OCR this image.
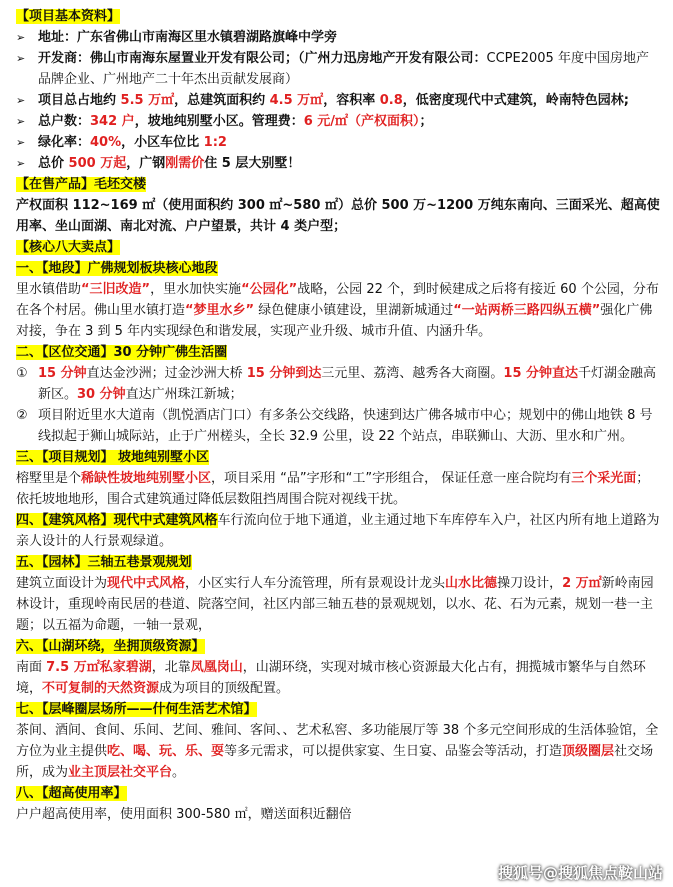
【项目基本资料】
➢ 地址：广东省佛山市南海区里水镇碧湖路旗峰中学旁
➢ 开发商：佛山市南海东屋置业开发有限公司；（广州力迅房地产开发有限公司：CCPE2005 年度中国房地产品牌企业、广州地产二十年杰出贡献发展商）
➢ 项目总占地约 5.5 万㎡，总建筑面积约 4.5 万㎡，容积率 0.8，低密度现代中式建筑，岭南特色园林;
➢ 总户数：342 户，坡地纯别墅小区。管理费：6 元/㎡（产权面积）；
➢ 绿化率：40%，小区车位比 1:2
➢ 总价 500 万起，广钢刚需价住 5 层大别墅！
【在售产品】毛坯交楼
产权面积 112~169 ㎡（使用面积约 300 ㎡~580 ㎡）总价 500 万~1200 万纯东南向、三面采光、超高使用率、坐山面湖、南北对流、户户望景，共计 4 类户型；
【核心八大卖点】
一、【地段】广佛规划板块核心地段
里水镇借助“三旧改造”，里水加快实施“公园化”战略，公园 22 个，到时候建成之后将有接近 60 个公园，分布在各个村居。佛山里水镇打造“梦里水乡” 绿色健康小镇建设，里湖新城通过“一站两桥三路四纵五横”强化广佛对接，争在 3 到 5 年内实现绿色和谐发展，实现产业升级、城市升值、内涵升华。
二、【区位交通】30 分钟广佛生活圈
① 15 分钟直达金沙洲；过金沙洲大桥 15 分钟到达三元里、荔湾、越秀各大商圈。15 分钟直达千灯湖金融高新区。30 分钟直达广州珠江新城；
② 项目附近里水大道南（凯悦酒店门口）有多条公交线路，快速到达广佛各城市中心；规划中的佛山地铁 8 号线拟起于狮山城际站，止于广州槎头，全长 32.9 公里，设 22 个站点，串联狮山、大沥、里水和广州。
三、【项目规划】 坡地纯别墅小区
榕墅里是个稀缺性坡地纯别墅小区，项目采用 “品”字形和“工”字形组合， 保证任意一座合院均有三个采光面；依托坡地地形，围合式建筑通过降低层数阻挡周围合院对视线干扰。
四、【建筑风格】现代中式建筑风格车行流向位于地下通道，业主通过地下车库停车入户，社区内所有地上道路为亲人设计的人行景观绿道。
五、【园林】三轴五巷景观规划
建筑立面设计为现代中式风格，小区实行人车分流管理，所有景观设计龙头山水比德操刀设计，2 万㎡新岭南园林设计，重现岭南民居的巷道、院落空间，社区内部三轴五巷的景观规划，以水、花、石为元素，规划一巷一主题；以五福为命题，一轴一景观，
六、【山湖环绕，坐拥顶级资源】
南面 7.5 万㎡私家碧湖，北靠凤凰岗山，山湖环绕，实现对城市核心资源最大化占有，拥揽城市繁华与自然环境，不可复制的天然资源成为项目的顶级配置。
七、【层峰圈层场所——什何生活艺术馆】
茶间、酒间、食间、乐间、艺间、雅间、客间、、艺术私窖、多功能展厅等 38 个多元空间形成的生活体验馆，全方位为业主提供吃、喝、玩、乐、耍等多元需求，可以提供家宴、生日宴、品鉴会等活动，打造顶级圈层社交场所，成为业主顶层社交平台。
八、【超高使用率】
户户超高使用率，使用面积 300-580 ㎡，赠送面积近翻倍
搜狐号@搜狐焦点鞍山站
